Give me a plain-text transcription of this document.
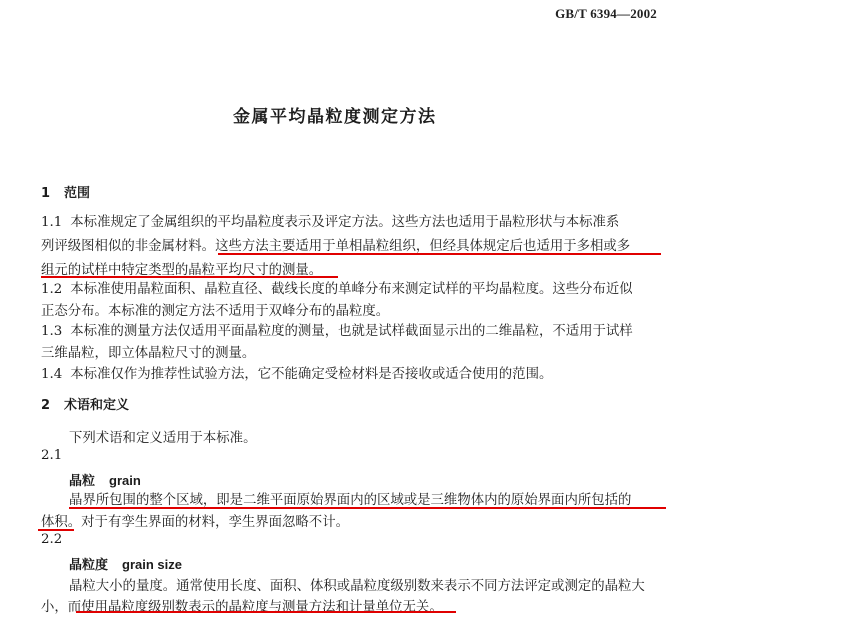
GB/T 6394—2002
金属平均晶粒度测定方法
1 范围
1.1 本标准规定了金属组织的平均晶粒度表示及评定方法。这些方法也适用于晶粒形状与本标准系
列评级图相似的非金属材料。这些方法主要适用于单相晶粒组织，但经具体规定后也适用于多相或多
组元的试样中特定类型的晶粒平均尺寸的测量。
1.2 本标准使用晶粒面积、晶粒直径、截线长度的单峰分布来测定试样的平均晶粒度。这些分布近似
正态分布。本标准的测定方法不适用于双峰分布的晶粒度。
1.3 本标准的测量方法仅适用平面晶粒度的测量，也就是试样截面显示出的二维晶粒，不适用于试样
三维晶粒，即立体晶粒尺寸的测量。
1.4 本标准仅作为推荐性试验方法，它不能确定受检材料是否接收或适合使用的范围。
2 术语和定义
下列术语和定义适用于本标准。
2.1
晶粒 grain
晶界所包围的整个区域，即是二维平面原始界面内的区域或是三维物体内的原始界面内所包括的
体积。对于有孪生界面的材料，孪生界面忽略不计。
2.2
晶粒度 grain size
晶粒大小的量度。通常使用长度、面积、体积或晶粒度级别数来表示不同方法评定或测定的晶粒大
小，而使用晶粒度级别数表示的晶粒度与测量方法和计量单位无关。
